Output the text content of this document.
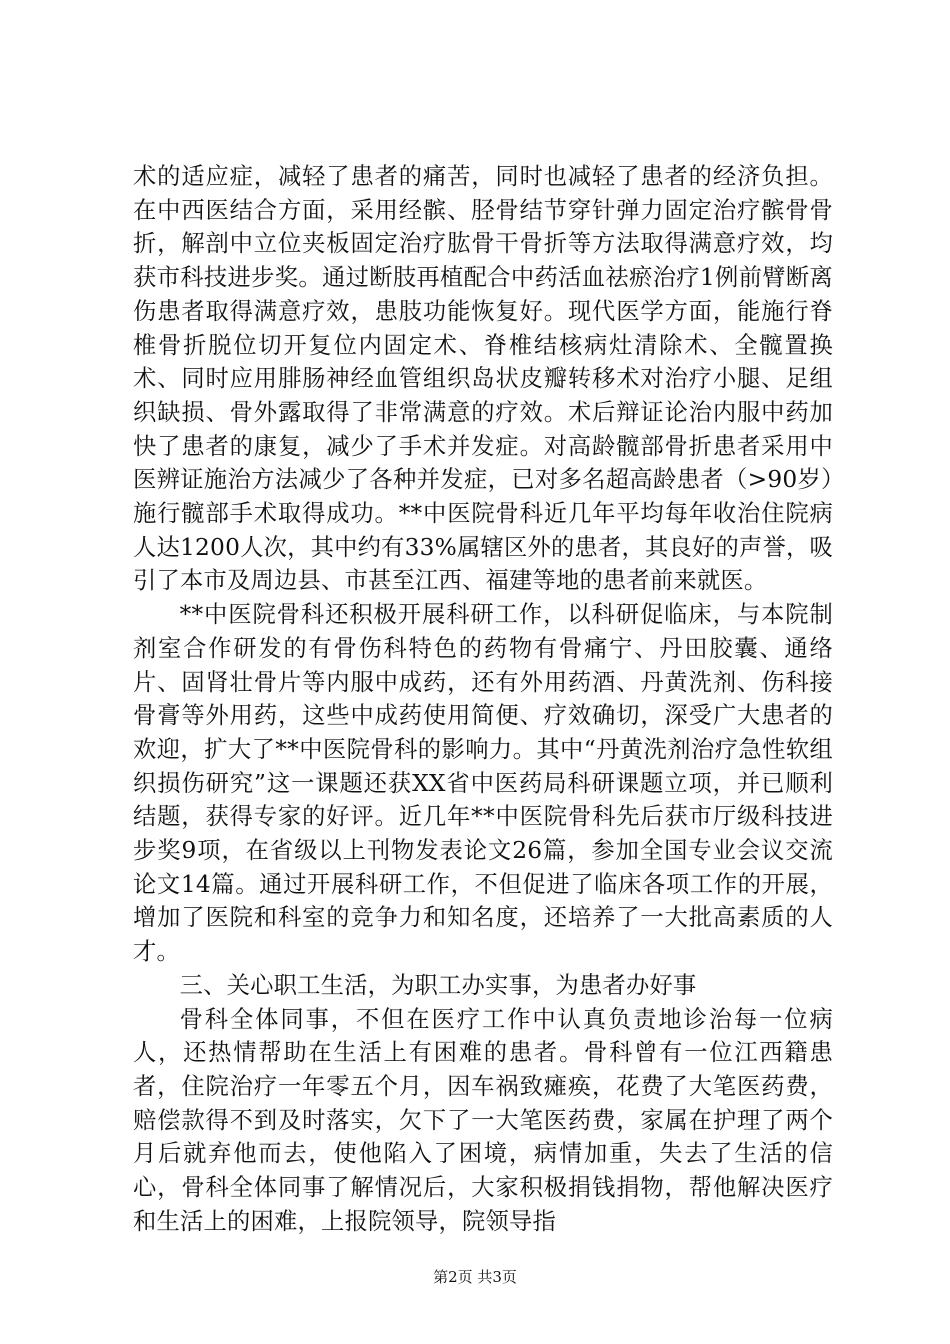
术的适应症，减轻了患者的痛苦，同时也减轻了患者的经济负担。在中西医结合方面，采用经髌、胫骨结节穿针弹力固定治疗髌骨骨折，解剖中立位夹板固定治疗肱骨干骨折等方法取得满意疗效，均获市科技进步奖。通过断肢再植配合中药活血祛瘀治疗1例前臂断离伤患者取得满意疗效，患肢功能恢复好。现代医学方面，能施行脊椎骨折脱位切开复位内固定术、脊椎结核病灶清除术、全髋置换术、同时应用腓肠神经血管组织岛状皮瓣转移术对治疗小腿、足组织缺损、骨外露取得了非常满意的疗效。术后辩证论治内服中药加快了患者的康复，减少了手术并发症。对高龄髋部骨折患者采用中医辨证施治方法减少了各种并发症，已对多名超高龄患者（>90岁）施行髋部手术取得成功。**中医院骨科近几年平均每年收治住院病人达1200人次，其中约有33%属辖区外的患者，其良好的声誉，吸引了本市及周边县、市甚至江西、福建等地的患者前来就医。

**中医院骨科还积极开展科研工作，以科研促临床，与本院制剂室合作研发的有骨伤科特色的药物有骨痛宁、丹田胶囊、通络片、固肾壮骨片等内服中成药，还有外用药酒、丹黄洗剂、伤科接骨膏等外用药，这些中成药使用简便、疗效确切，深受广大患者的欢迎，扩大了**中医院骨科的影响力。其中“丹黄洗剂治疗急性软组织损伤研究”这一课题还获XX省中医药局科研课题立项，并已顺利结题，获得专家的好评。近几年**中医院骨科先后获市厅级科技进步奖9项，在省级以上刊物发表论文26篇，参加全国专业会议交流论文14篇。通过开展科研工作，不但促进了临床各项工作的开展，增加了医院和科室的竞争力和知名度，还培养了一大批高素质的人才。

三、关心职工生活，为职工办实事，为患者办好事

骨科全体同事，不但在医疗工作中认真负责地诊治每一位病人，还热情帮助在生活上有困难的患者。骨科曾有一位江西籍患者，住院治疗一年零五个月，因车祸致瘫痪，花费了大笔医药费，赔偿款得不到及时落实，欠下了一大笔医药费，家属在护理了两个月后就弃他而去，使他陷入了困境，病情加重，失去了生活的信心，骨科全体同事了解情况后，大家积极捐钱捐物，帮他解决医疗和生活上的困难，上报院领导，院领导指

第2页 共3页
